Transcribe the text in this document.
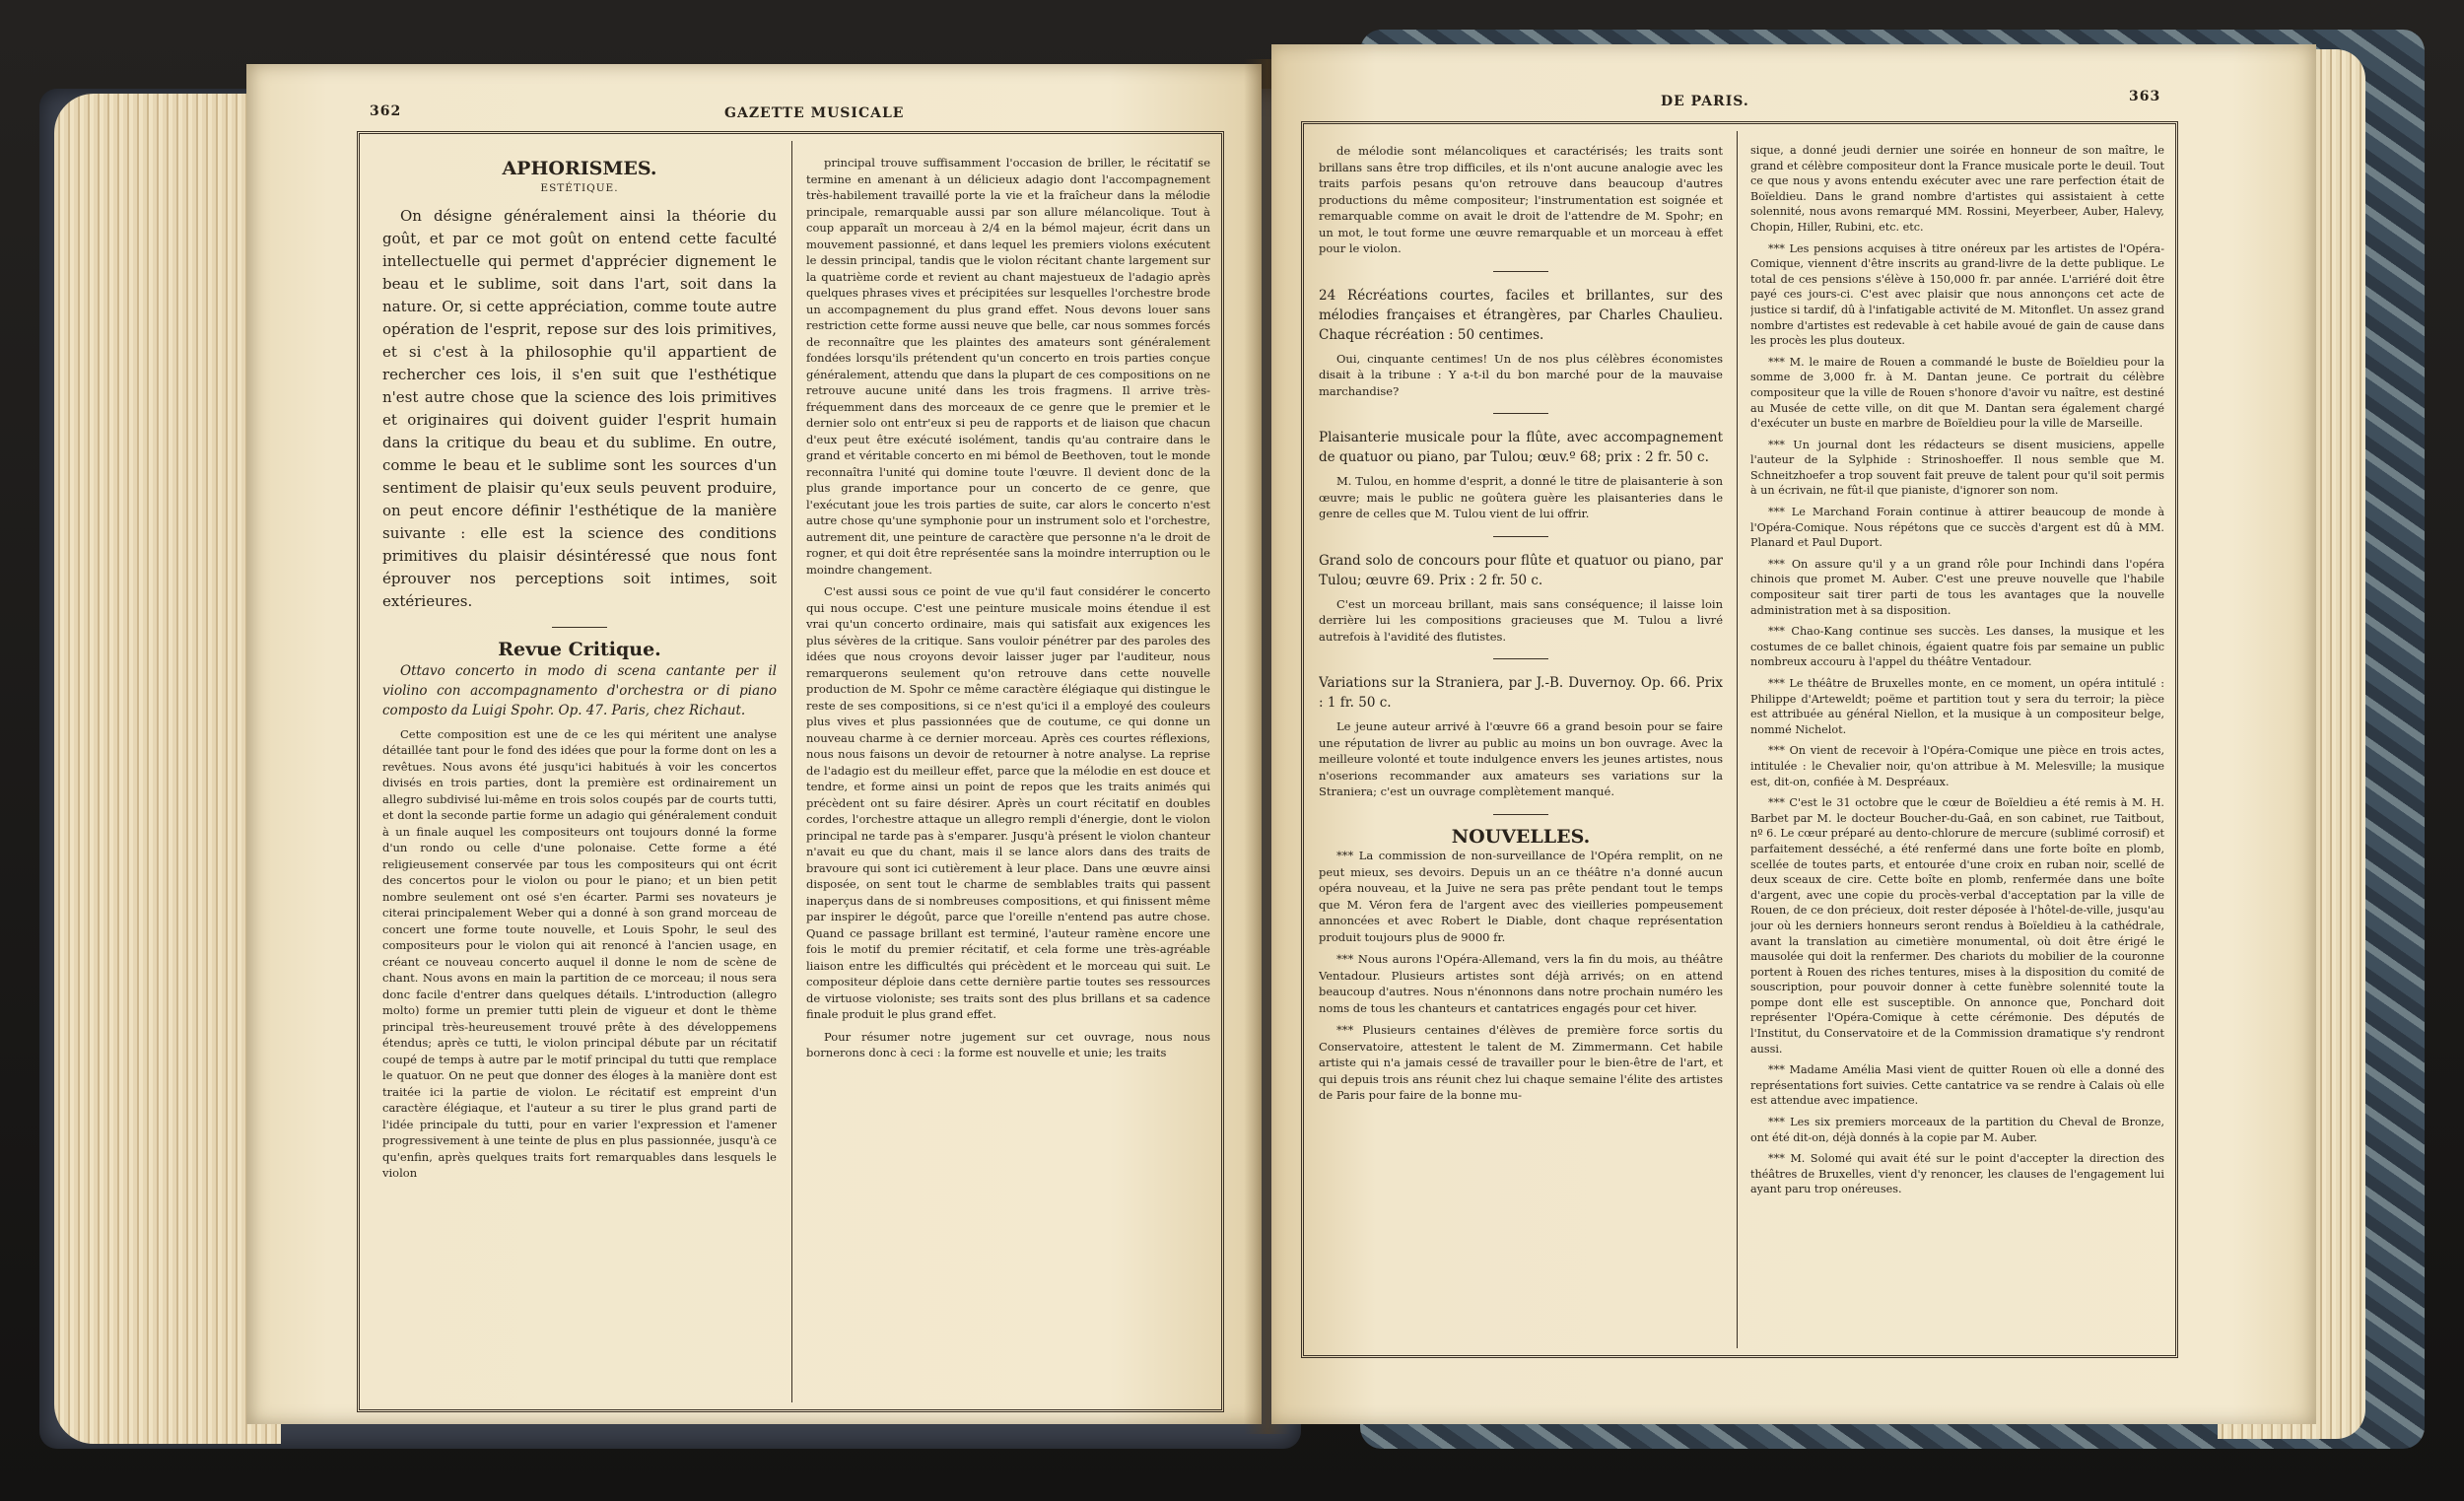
362	GAZETTE MUSICALE
APHORISMES.
ESTÉTIQUE.

On désigne généralement ainsi la théorie du goût, et par ce mot goût on entend cette faculté intellectuelle qui permet d'apprécier dignement le beau et le sublime, soit dans l'art, soit dans la nature. Or, si cette appréciation, comme toute autre opération de l'esprit, repose sur des lois primitives, et si c'est à la philosophie qu'il appartient de rechercher ces lois, il s'en suit que l'esthétique n'est autre chose que la science des lois primitives et originaires qui doivent guider l'esprit humain dans la critique du beau et du sublime. En outre, comme le beau et le sublime sont les sources d'un sentiment de plaisir qu'eux seuls peuvent produire, on peut encore définir l'esthétique de la manière suivante : elle est la science des conditions primitives du plaisir désintéressé que nous font éprouver nos perceptions soit intimes, soit extérieures.

Revue Critique.

Ottavo concerto in modo di scena cantante per il violino con accompagnamento d'orchestra or di piano composto da Luigi Spohr. Op. 47. Paris, chez Richaut.

Cette composition est une de ce les qui méritent une analyse détaillée tant pour le fond des idées que pour la forme dont on les a revêtues. Nous avons été jusqu'ici habitués à voir les concertos divisés en trois parties, dont la première est ordinairement un allegro subdivisé lui-même en trois solos coupés par de courts tutti, et dont la seconde partie forme un adagio qui généralement conduit à un finale auquel les compositeurs ont toujours donné la forme d'un rondo ou celle d'une polonaise. Cette forme a été religieusement conservée par tous les compositeurs qui ont écrit des concertos pour le violon ou pour le piano; et un bien petit nombre seulement ont osé s'en écarter. Parmi ses novateurs je citerai principalement Weber qui a donné à son grand morceau de concert une forme toute nouvelle, et Louis Spohr, le seul des compositeurs pour le violon qui ait renoncé à l'ancien usage, en créant ce nouveau concerto auquel il donne le nom de scène de chant. Nous avons en main la partition de ce morceau; il nous sera donc facile d'entrer dans quelques détails. L'introduction (allegro molto) forme un premier tutti plein de vigueur et dont le thème principal très-heureusement trouvé prête à des développemens étendus; après ce tutti, le violon principal débute par un récitatif coupé de temps à autre par le motif principal du tutti que remplace le quatuor. On ne peut que donner des éloges à la manière dont est traitée ici la partie de violon. Le récitatif est empreint d'un caractère élégiaque, et l'auteur a su tirer le plus grand parti de l'idée principale du tutti, pour en varier l'expression et l'amener progressivement à une teinte de plus en plus passionnée, jusqu'à ce qu'enfin, après quelques traits fort remarquables dans lesquels le violon

principal trouve suffisamment l'occasion de briller, le récitatif se termine en amenant à un délicieux adagio dont l'accompagnement très-habilement travaillé porte la vie et la fraîcheur dans la mélodie principale, remarquable aussi par son allure mélancolique. Tout à coup apparaît un morceau à 2/4 en la bémol majeur, écrit dans un mouvement passionné, et dans lequel les premiers violons exécutent le dessin principal, tandis que le violon récitant chante largement sur la quatrième corde et revient au chant majestueux de l'adagio après quelques phrases vives et précipitées sur lesquelles l'orchestre brode un accompagnement du plus grand effet. Nous devons louer sans restriction cette forme aussi neuve que belle, car nous sommes forcés de reconnaître que les plaintes des amateurs sont généralement fondées lorsqu'ils prétendent qu'un concerto en trois parties conçue généralement, attendu que dans la plupart de ces compositions on ne retrouve aucune unité dans les trois fragmens. Il arrive très-fréquemment dans des morceaux de ce genre que le premier et le dernier solo ont entr'eux si peu de rapports et de liaison que chacun d'eux peut être exécuté isolément, tandis qu'au contraire dans le grand et véritable concerto en mi bémol de Beethoven, tout le monde reconnaîtra l'unité qui domine toute l'œuvre. Il devient donc de la plus grande importance pour un concerto de ce genre, que l'exécutant joue les trois parties de suite, car alors le concerto n'est autre chose qu'une symphonie pour un instrument solo et l'orchestre, autrement dit, une peinture de caractère que personne n'a le droit de rogner, et qui doit être représentée sans la moindre interruption ou le moindre changement.

C'est aussi sous ce point de vue qu'il faut considérer le concerto qui nous occupe. C'est une peinture musicale moins étendue il est vrai qu'un concerto ordinaire, mais qui satisfait aux exigences les plus sévères de la critique. Sans vouloir pénétrer par des paroles des idées que nous croyons devoir laisser juger par l'auditeur, nous remarquerons seulement qu'on retrouve dans cette nouvelle production de M. Spohr ce même caractère élégiaque qui distingue le reste de ses compositions, si ce n'est qu'ici il a employé des couleurs plus vives et plus passionnées que de coutume, ce qui donne un nouveau charme à ce dernier morceau. Après ces courtes réflexions, nous nous faisons un devoir de retourner à notre analyse. La reprise de l'adagio est du meilleur effet, parce que la mélodie en est douce et tendre, et forme ainsi un point de repos que les traits animés qui précèdent ont su faire désirer. Après un court récitatif en doubles cordes, l'orchestre attaque un allegro rempli d'énergie, dont le violon principal ne tarde pas à s'emparer. Jusqu'à présent le violon chanteur n'avait eu que du chant, mais il se lance alors dans des traits de bravoure qui sont ici cutièrement à leur place. Dans une œuvre ainsi disposée, on sent tout le charme de semblables traits qui passent inaperçus dans de si nombreuses compositions, et qui finissent même par inspirer le dégoût, parce que l'oreille n'entend pas autre chose. Quand ce passage brillant est terminé, l'auteur ramène encore une fois le motif du premier récitatif, et cela forme une très-agréable liaison entre les difficultés qui précèdent et le morceau qui suit. Le compositeur déploie dans cette dernière partie toutes ses ressources de virtuose violoniste; ses traits sont des plus brillans et sa cadence finale produit le plus grand effet.

Pour résumer notre jugement sur cet ouvrage, nous nous bornerons donc à ceci : la forme est nouvelle et unie; les traits

DE PARIS.	363

de mélodie sont mélancoliques et caractérisés; les traits sont brillans sans être trop difficiles, et ils n'ont aucune analogie avec les traits parfois pesans qu'on retrouve dans beaucoup d'autres productions du même compositeur; l'instrumentation est soignée et remarquable comme on avait le droit de l'attendre de M. Spohr; en un mot, le tout forme une œuvre remarquable et un morceau à effet pour le violon.

24 Récréations courtes, faciles et brillantes, sur des mélodies françaises et étrangères, par Charles Chaulieu. Chaque récréation : 50 centimes.

Oui, cinquante centimes! Un de nos plus célèbres économistes disait à la tribune : Y a-t-il du bon marché pour de la mauvaise marchandise?

Plaisanterie musicale pour la flûte, avec accompagnement de quatuor ou piano, par Tulou; œuv.º 68; prix : 2 fr. 50 c.

M. Tulou, en homme d'esprit, a donné le titre de plaisanterie à son œuvre; mais le public ne goûtera guère les plaisanteries dans le genre de celles que M. Tulou vient de lui offrir.

Grand solo de concours pour flûte et quatuor ou piano, par Tulou; œuvre 69. Prix : 2 fr. 50 c.

C'est un morceau brillant, mais sans conséquence; il laisse loin derrière lui les compositions gracieuses que M. Tulou a livré autrefois à l'avidité des flutistes.

Variations sur la Straniera, par J.-B. Duvernoy. Op. 66. Prix : 1 fr. 50 c.

Le jeune auteur arrivé à l'œuvre 66 a grand besoin pour se faire une réputation de livrer au public au moins un bon ouvrage. Avec la meilleure volonté et toute indulgence envers les jeunes artistes, nous n'oserions recommander aux amateurs ses variations sur la Straniera; c'est un ouvrage complètement manqué.

NOUVELLES.

*** La commission de non-surveillance de l'Opéra remplit, on ne peut mieux, ses devoirs. Depuis un an ce théâtre n'a donné aucun opéra nouveau, et la Juive ne sera pas prête pendant tout le temps que M. Véron fera de l'argent avec des vieilleries pompeusement annoncées et avec Robert le Diable, dont chaque représentation produit toujours plus de 9000 fr.

*** Nous aurons l'Opéra-Allemand, vers la fin du mois, au théâtre Ventadour. Plusieurs artistes sont déjà arrivés; on en attend beaucoup d'autres. Nous n'énonnons dans notre prochain numéro les noms de tous les chanteurs et cantatrices engagés pour cet hiver.

*** Plusieurs centaines d'élèves de première force sortis du Conservatoire, attestent le talent de M. Zimmermann. Cet habile artiste qui n'a jamais cessé de travailler pour le bien-être de l'art, et qui depuis trois ans réunit chez lui chaque semaine l'élite des artistes de Paris pour faire de la bonne mu-

sique, a donné jeudi dernier une soirée en honneur de son maître, le grand et célèbre compositeur dont la France musicale porte le deuil. Tout ce que nous y avons entendu exécuter avec une rare perfection était de Boïeldieu. Dans le grand nombre d'artistes qui assistaient à cette solennité, nous avons remarqué MM. Rossini, Meyerbeer, Auber, Halevy, Chopin, Hiller, Rubini, etc. etc.

*** Les pensions acquises à titre onéreux par les artistes de l'Opéra-Comique, viennent d'être inscrits au grand-livre de la dette publique. Le total de ces pensions s'élève à 150,000 fr. par année. L'arriéré doit être payé ces jours-ci. C'est avec plaisir que nous annonçons cet acte de justice si tardif, dû à l'infatigable activité de M. Mitonflet. Un assez grand nombre d'artistes est redevable à cet habile avoué de gain de cause dans les procès les plus douteux.

*** M. le maire de Rouen a commandé le buste de Boïeldieu pour la somme de 3,000 fr. à M. Dantan jeune. Ce portrait du célèbre compositeur que la ville de Rouen s'honore d'avoir vu naître, est destiné au Musée de cette ville, on dit que M. Dantan sera également chargé d'exécuter un buste en marbre de Boïeldieu pour la ville de Marseille.

*** Un journal dont les rédacteurs se disent musiciens, appelle l'auteur de la Sylphide : Strinoshoeffer. Il nous semble que M. Schneitzhoefer a trop souvent fait preuve de talent pour qu'il soit permis à un écrivain, ne fût-il que pianiste, d'ignorer son nom.

*** Le Marchand Forain continue à attirer beaucoup de monde à l'Opéra-Comique. Nous répétons que ce succès d'argent est dû à MM. Planard et Paul Duport.

*** On assure qu'il y a un grand rôle pour Inchindi dans l'opéra chinois que promet M. Auber. C'est une preuve nouvelle que l'habile compositeur sait tirer parti de tous les avantages que la nouvelle administration met à sa disposition.

*** Chao-Kang continue ses succès. Les danses, la musique et les costumes de ce ballet chinois, égaient quatre fois par semaine un public nombreux accouru à l'appel du théâtre Ventadour.

*** Le théâtre de Bruxelles monte, en ce moment, un opéra intitulé : Philippe d'Arteweldt; poëme et partition tout y sera du terroir; la pièce est attribuée au général Niellon, et la musique à un compositeur belge, nommé Nichelot.

*** On vient de recevoir à l'Opéra-Comique une pièce en trois actes, intitulée : le Chevalier noir, qu'on attribue à M. Melesville; la musique est, dit-on, confiée à M. Despréaux.

*** C'est le 31 octobre que le cœur de Boïeldieu a été remis à M. H. Barbet par M. le docteur Boucher-du-Gaâ, en son cabinet, rue Taitbout, nº 6. Le cœur préparé au dento-chlorure de mercure (sublimé corrosif) et parfaitement desséché, a été renfermé dans une forte boîte en plomb, scellée de toutes parts, et entourée d'une croix en ruban noir, scellé de deux sceaux de cire. Cette boîte en plomb, renfermée dans une boîte d'argent, avec une copie du procès-verbal d'acceptation par la ville de Rouen, de ce don précieux, doit rester déposée à l'hôtel-de-ville, jusqu'au jour où les derniers honneurs seront rendus à Boïeldieu à la cathédrale, avant la translation au cimetière monumental, où doit être érigé le mausolée qui doit la renfermer. Des chariots du mobilier de la couronne portent à Rouen des riches tentures, mises à la disposition du comité de souscription, pour pouvoir donner à cette funèbre solennité toute la pompe dont elle est susceptible. On annonce que, Ponchard doit représenter l'Opéra-Comique à cette cérémonie. Des députés de l'Institut, du Conservatoire et de la Commission dramatique s'y rendront aussi.

*** Madame Amélia Masi vient de quitter Rouen où elle a donné des représentations fort suivies. Cette cantatrice va se rendre à Calais où elle est attendue avec impatience.

*** Les six premiers morceaux de la partition du Cheval de Bronze, ont été dit-on, déjà donnés à la copie par M. Auber.

*** M. Solomé qui avait été sur le point d'accepter la direction des théâtres de Bruxelles, vient d'y renoncer, les clauses de l'engagement lui ayant paru trop onéreuses.
